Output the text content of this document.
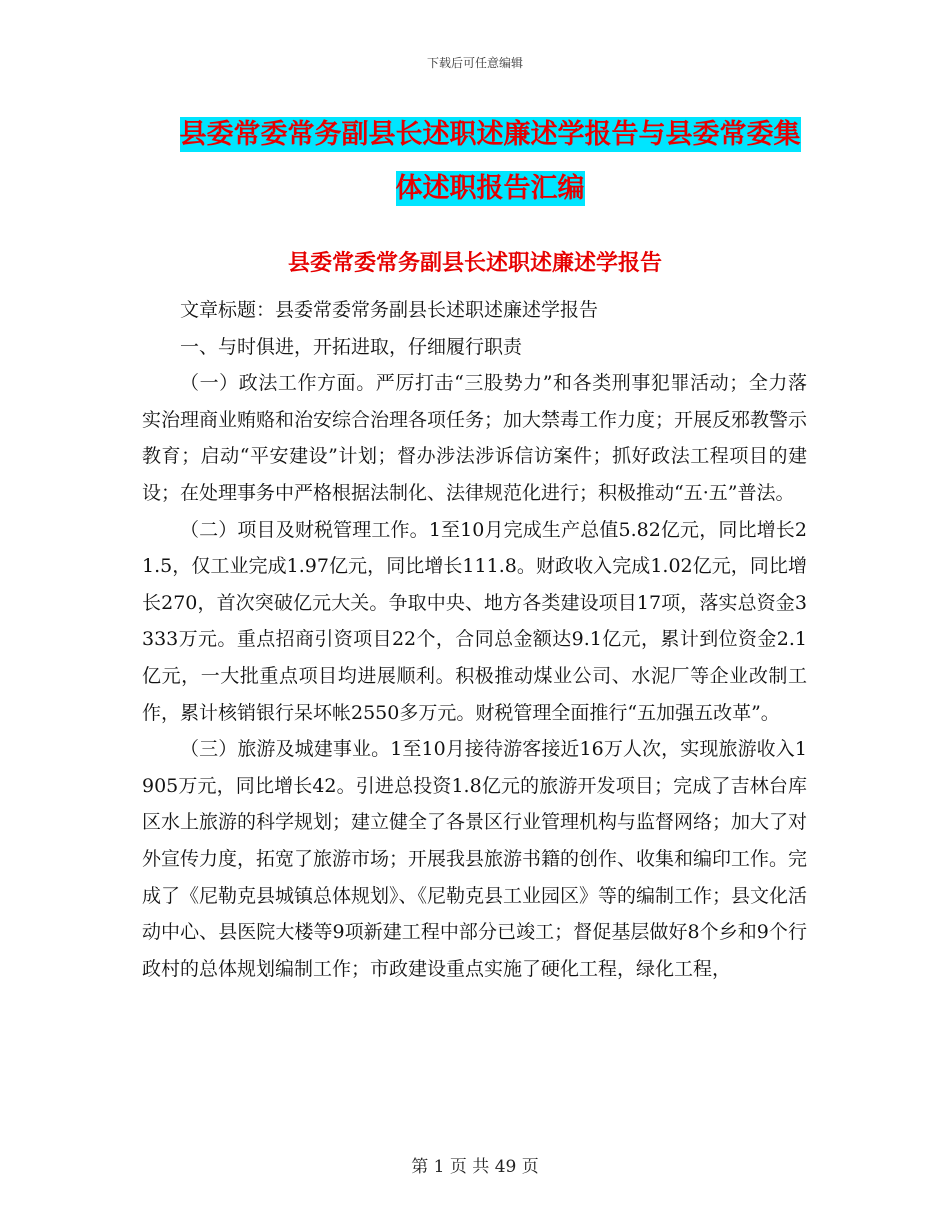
下载后可任意编辑
县委常委常务副县长述职述廉述学报告与县委常委集
体述职报告汇编
县委常委常务副县长述职述廉述学报告

文章标题：县委常委常务副县长述职述廉述学报告

一、与时俱进，开拓进取，仔细履行职责

（一）政法工作方面。严厉打击“三股势力”和各类刑事犯罪活动；全力落实治理商业贿赂和治安综合治理各项任务；加大禁毒工作力度；开展反邪教警示教育；启动“平安建设”计划；督办涉法涉诉信访案件；抓好政法工程项目的建设；在处理事务中严格根据法制化、法律规范化进行；积极推动“五·五”普法。

（二）项目及财税管理工作。1至10月完成生产总值5.82亿元，同比增长21.5，仅工业完成1.97亿元，同比增长111.8。财政收入完成1.02亿元，同比增长270，首次突破亿元大关。争取中央、地方各类建设项目17项，落实总资金3333万元。重点招商引资项目22个，合同总金额达9.1亿元，累计到位资金2.1亿元，一大批重点项目均进展顺利。积极推动煤业公司、水泥厂等企业改制工作，累计核销银行呆坏帐2550多万元。财税管理全面推行“五加强五改革”。

（三）旅游及城建事业。1至10月接待游客接近16万人次，实现旅游收入1905万元，同比增长42。引进总投资1.8亿元的旅游开发项目；完成了吉林台库区水上旅游的科学规划；建立健全了各景区行业管理机构与监督网络；加大了对外宣传力度，拓宽了旅游市场；开展我县旅游书籍的创作、收集和编印工作。完成了《尼勒克县城镇总体规划》、《尼勒克县工业园区》等的编制工作；县文化活动中心、县医院大楼等9项新建工程中部分已竣工；督促基层做好8个乡和9个行政村的总体规划编制工作；市政建设重点实施了硬化工程，绿化工程，

第 1 页 共 49 页
